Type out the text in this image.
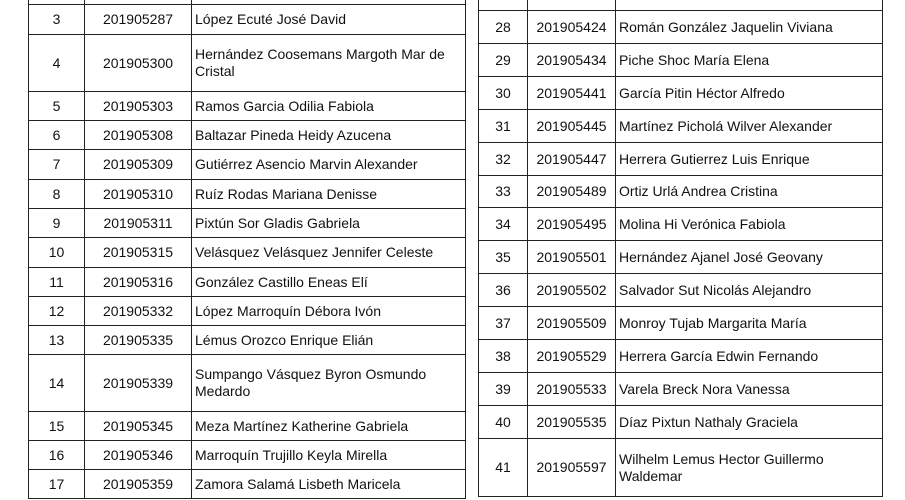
3	201905287	López Ecuté José David
4	201905300	Hernández Coosemans Margoth Mar de Cristal
5	201905303	Ramos Garcia Odilia Fabiola
6	201905308	Baltazar Pineda Heidy Azucena
7	201905309	Gutiérrez Asencio Marvin Alexander
8	201905310	Ruíz Rodas Mariana Denisse
9	201905311	Pixtún Sor Gladis Gabriela
10	201905315	Velásquez Velásquez Jennifer Celeste
11	201905316	González Castillo Eneas Elí
12	201905332	López Marroquín Débora Ivón
13	201905335	Lémus Orozco Enrique Elián
14	201905339	Sumpango Vásquez Byron Osmundo Medardo
15	201905345	Meza Martínez Katherine Gabriela
16	201905346	Marroquín Trujillo Keyla Mirella
17	201905359	Zamora Salamá Lisbeth Maricela

28	201905424	Román González Jaquelin Viviana
29	201905434	Piche Shoc María Elena
30	201905441	García Pitin Héctor Alfredo
31	201905445	Martínez Picholá Wilver Alexander
32	201905447	Herrera Gutierrez Luis Enrique
33	201905489	Ortiz Urlá Andrea Cristina
34	201905495	Molina Hi Verónica Fabiola
35	201905501	Hernández Ajanel José Geovany
36	201905502	Salvador Sut Nicolás Alejandro
37	201905509	Monroy Tujab Margarita María
38	201905529	Herrera García Edwin Fernando
39	201905533	Varela Breck Nora Vanessa
40	201905535	Díaz Pixtun Nathaly Graciela
41	201905597	Wilhelm Lemus Hector Guillermo Waldemar
